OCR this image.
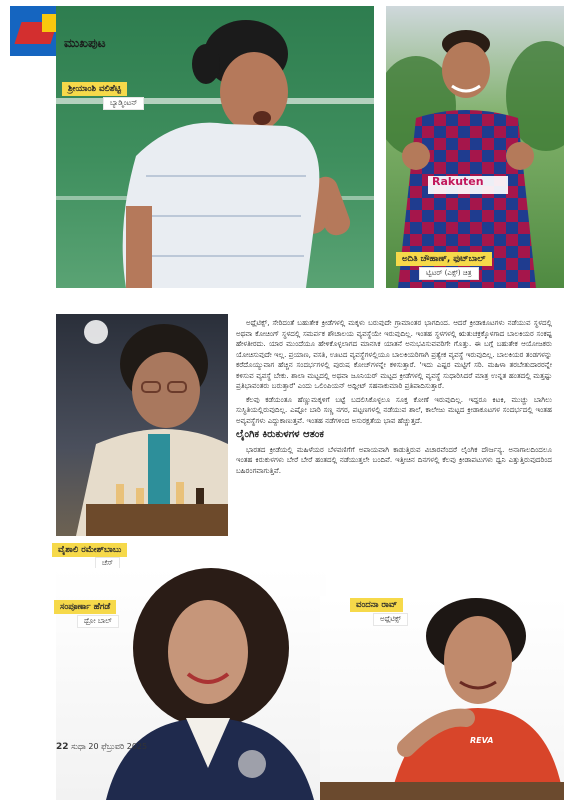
ಶ್ರೀಯಾಂಶಿ ವಲಿಶೆಟ್ಟಿ
ಬ್ಯಾಡ್ಮಿಂಟನ್
ಮುಖಪುಟ
Rakuten
ಅದಿತಿ ಚೌಹಾಣ್, ಫುಟ್‌ಬಾಲ್
ಟ್ವಿಟರ್ (ಎಕ್ಸ್) ಚಿತ್ರ
ವೈಶಾಲಿ ರಮೇಶ್‌ಬಾಬು
ಚೆಸ್

ಅಥ್ಲೆಟಿಕ್ಸ್, ಸೇರಿದಂತೆ ಬಹುತೇಕ ಕ್ರೀಡೆಗಳಲ್ಲಿ ಮಕ್ಕಳು ಬರುವುದೇ ಗ್ರಾಮಾಂತರ ಭಾಗದಿಂದ. ಆದರೆ ಕ್ರೀಡಾಕೂಟಗಳು ನಡೆಯುವ ಸ್ಥಳದಲ್ಲಿ ಅಥವಾ ಕೋಚಿಂಗ್ ಸ್ಥಳದಲ್ಲಿ ಸಮರ್ಪಕ ಶೌಚಾಲಯ ವ್ಯವಸ್ಥೆಯೇ ಇರುವುದಿಲ್ಲ. ಇಂತಹ ಸ್ಥಳಗಳಲ್ಲಿ ಋತುಚಕ್ರಕ್ಕೊಳಗಾದ ಬಾಲಕಿಯರ ಸಂಕಷ್ಟ ಹೇಳತೀರದು. ಯಾರ ಮುಂದೆಯೂ ಹೇಳಿಕೊಳ್ಳಲಾಗದ ಮಾನಸಿಕ ಯಾತನೆ ಅನುಭವಿಸುವವರಿಗೇ ಗೊತ್ತು. ಈ ಬಗ್ಗೆ ಬಹುತೇಕ ಆಯೋಜಕರು ಯೋಚಿಸುವುದೇ ಇಲ್ಲ. ಪ್ರಯಾಣ, ವಸತಿ, ಊಟದ ವ್ಯವಸ್ಥೆಗಳಲ್ಲಿಯೂ ಬಾಲಕಿಯರಿಗಾಗಿ ಪ್ರತ್ಯೇಕ ವ್ಯವಸ್ಥೆ ಇರುವುದಿಲ್ಲ. ಬಾಲಕಿಯರ ತಂಡಗಳನ್ನು ಕರೆದೊಯ್ಯುವಾಗ ಹೆಚ್ಚಿನ ಸಂದರ್ಭಗಳಲ್ಲಿ ಪುರುಷ ಕೋಚ್‌ಗಳನ್ನೇ ಕಳಿಸುತ್ತಾರೆ. 'ಇದು ಎಷ್ಟರ ಮಟ್ಟಿಗೆ ಸರಿ. ಮಹಿಳಾ ತರಬೇತುದಾರರನ್ನೇ ಕಳಿಸುವ ವ್ಯವಸ್ಥೆ ಬೇಕು. ಶಾಲಾ ಮಟ್ಟದಲ್ಲಿ ಅಥವಾ ಜೂನಿಯರ್ ಮಟ್ಟದ ಕ್ರೀಡೆಗಳಲ್ಲಿ ವ್ಯವಸ್ಥೆ ಸುಧಾರಿಸಿದರೆ ಮಾತ್ರ ಉನ್ನತ ಹಂತದಲ್ಲಿ ಮತ್ತಷ್ಟು ಪ್ರತಿಭಾವಂತರು ಬರುತ್ತಾರೆ' ಎಂದು ಒಲಿಂಪಿಯನ್ ಅಥ್ಲೀಟ್ ಸಹನಾಕುಮಾರಿ ಪ್ರತಿಪಾದಿಸುತ್ತಾರೆ.

ಕೆಲವು ಕಡೆಯಂತೂ ಹೆಣ್ಣುಮಕ್ಕಳಿಗೆ ಬಟ್ಟೆ ಬದಲಿಸಿಕೊಳ್ಳಲೂ ಸೂಕ್ತ ಕೋಣೆ ಇರುವುದಿಲ್ಲ. ಇದ್ದರೂ ಕಿಟಕಿ, ಮುಚ್ಚು ಬಾಗಿಲು ಸುಸ್ಥಿತಿಯಲ್ಲಿರುವುದಿಲ್ಲ. ಎಷ್ಟೋ ಬಾರಿ ಸಣ್ಣ ನಗರ, ಪಟ್ಟಣಗಳಲ್ಲಿ ನಡೆಯುವ ಶಾಲೆ, ಕಾಲೇಜು ಮಟ್ಟದ ಕ್ರೀಡಾಕೂಟಗಳ ಸಂದರ್ಭದಲ್ಲಿ ಇಂತಹ ಅವ್ಯವಸ್ಥೆಗಳು ಎದ್ದುಕಾಣುತ್ತವೆ. ಇಂತಹ ನಡೆಗಳಿಂದ ಅಸುರಕ್ಷತೆಯ ಭಾವ ಹೆಚ್ಚುತ್ತದೆ.

ಲೈಂಗಿಕ ಕಿರುಕುಳಗಳ ಆತಂಕ

ಭಾರತದ ಕ್ರೀಡೆಯಲ್ಲಿ ಮಹಿಳೆಯರ ಬೆಳವಣಿಗೆಗೆ ಅಪಾಯವಾಗಿ ಕಾಡುತ್ತಿರುವ ವಿಚಾರವೆಂದರೆ ಲೈಂಗಿಕ ದೌರ್ಜನ್ಯ. ಅನಾಗಾಲದಿಂದಲೂ ಇಂತಹ ಕಿರುಕುಳಗಳು ಬೇರೆ ಬೇರೆ ಹಂತದಲ್ಲಿ ನಡೆಯುತ್ತಲೇ ಬಂದಿವೆ. ಇತ್ತೀಚಿನ ದಿನಗಳಲ್ಲಿ ಕೆಲವು ಕ್ರೀಡಾಪಟುಗಳು ಧ್ವನಿ ಎತ್ತುತ್ತಿರುವುದರಿಂದ ಬಹಿರಂಗವಾಗುತ್ತಿವೆ.

ಸಂಪೂರ್ಣಾ ಹೆಗಡೆ
ಥ್ರೋ ಬಾಲ್
REVA
ವಂದನಾ ರಾವ್
ಅಥ್ಲೆಟಿಕ್ಸ್
22 ಸುಧಾ 20 ಫೆಬ್ರುವರಿ 2025
